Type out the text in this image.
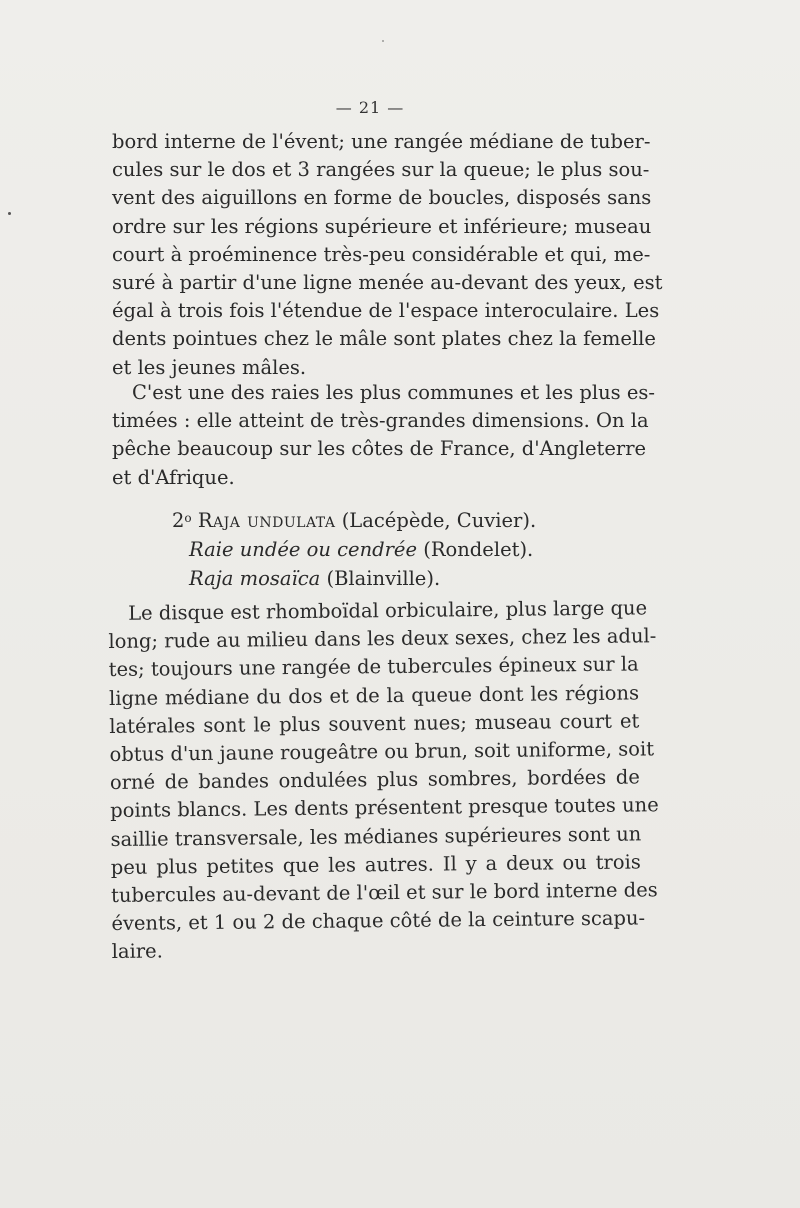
— 21 —
bord interne de l'évent; une rangée médiane de tuber-
cules sur le dos et 3 rangées sur la queue; le plus sou-
vent des aiguillons en forme de boucles, disposés sans
ordre sur les régions supérieure et inférieure; museau
court à proéminence très-peu considérable et qui, me-
suré à partir d'une ligne menée au-devant des yeux, est
égal à trois fois l'étendue de l'espace interoculaire. Les
dents pointues chez le mâle sont plates chez la femelle
et les jeunes mâles.
C'est une des raies les plus communes et les plus es-
timées : elle atteint de très-grandes dimensions. On la
pêche beaucoup sur les côtes de France, d'Angleterre
et d'Afrique.
2$^o$ Raja undulata (Lacépède, Cuvier).
Raie undée ou cendrée (Rondelet).
Raja mosaïca (Blainville).
Le disque est rhomboïdal orbiculaire, plus large que
long; rude au milieu dans les deux sexes, chez les adul-
tes; toujours une rangée de tubercules épineux sur la
ligne médiane du dos et de la queue dont les régions
latérales sont le plus souvent nues; museau court et
obtus d'un jaune rougeâtre ou brun, soit uniforme, soit
orné de bandes ondulées plus sombres, bordées de
points blancs. Les dents présentent presque toutes une
saillie transversale, les médianes supérieures sont un
peu plus petites que les autres. Il y a deux ou trois
tubercules au-devant de l'œil et sur le bord interne des
évents, et 1 ou 2 de chaque côté de la ceinture scapu-
laire.
